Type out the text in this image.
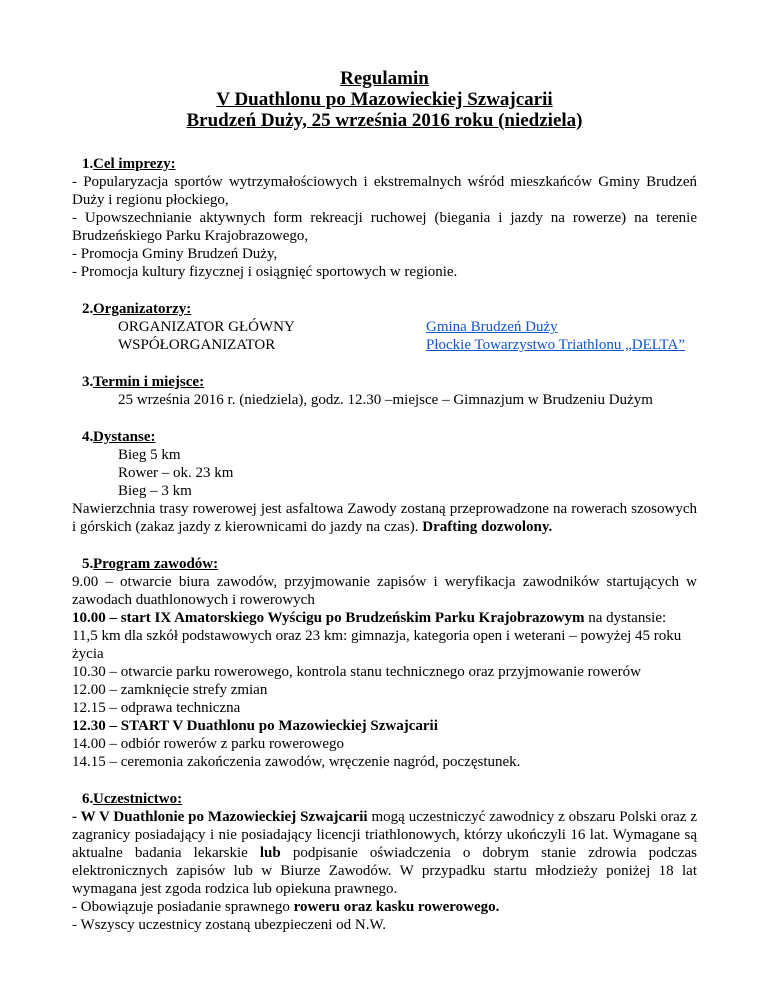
Regulamin

V Duathlonu po Mazowieckiej Szwajcarii

Brudzeń Duży, 25 września 2016 roku (niedziela)

1. Cel imprezy:

- Popularyzacja sportów wytrzymałościowych i ekstremalnych wśród mieszkańców Gminy Brudzeń Duży i regionu płockiego,

- Upowszechnianie aktywnych form rekreacji ruchowej (biegania i jazdy na rowerze) na terenie Brudzeńskiego Parku Krajobrazowego,

- Promocja Gminy Brudzeń Duży,

- Promocja kultury fizycznej i osiągnięć sportowych w regionie.

2. Organizatorzy:
ORGANIZATOR GŁÓWNY	Gmina Brudzeń Duży
WSPÓŁORGANIZATOR	Płockie Towarzystwo Triathlonu „DELTA”
3. Termin i miejsce:

25 września 2016 r. (niedziela), godz. 12.30 –miejsce – Gimnazjum w Brudzeniu Dużym

4. Dystanse:

Bieg 5 km

Rower – ok. 23 km

Bieg – 3 km

Nawierzchnia trasy rowerowej jest asfaltowa Zawody zostaną przeprowadzone na rowerach szosowych i górskich (zakaz jazdy z kierownicami do jazdy na czas). Drafting dozwolony.

5. Program zawodów:

9.00 – otwarcie biura zawodów, przyjmowanie zapisów i weryfikacja zawodników startujących w zawodach duathlonowych i rowerowych

10.00 – start IX Amatorskiego Wyścigu po Brudzeńskim Parku Krajobrazowym na dystansie:

11,5 km dla szkół podstawowych oraz 23 km: gimnazja, kategoria open i weterani – powyżej 45 roku życia

10.30 – otwarcie parku rowerowego, kontrola stanu technicznego oraz przyjmowanie rowerów

12.00 – zamknięcie strefy zmian

12.15 – odprawa techniczna

12.30 – START V Duathlonu po Mazowieckiej Szwajcarii

14.00 – odbiór rowerów z parku rowerowego

14.15 – ceremonia zakończenia zawodów, wręczenie nagród, poczęstunek.

6. Uczestnictwo:

- W V Duathlonie po Mazowieckiej Szwajcarii mogą uczestniczyć zawodnicy z obszaru Polski oraz z zagranicy posiadający i nie posiadający licencji triathlonowych, którzy ukończyli 16 lat. Wymagane są aktualne badania lekarskie lub podpisanie oświadczenia o dobrym stanie zdrowia podczas elektronicznych zapisów lub w Biurze Zawodów. W przypadku startu młodzieży poniżej 18 lat wymagana jest zgoda rodzica lub opiekuna prawnego.

- Obowiązuje posiadanie sprawnego roweru oraz kasku rowerowego.

- Wszyscy uczestnicy zostaną ubezpieczeni od N.W.
